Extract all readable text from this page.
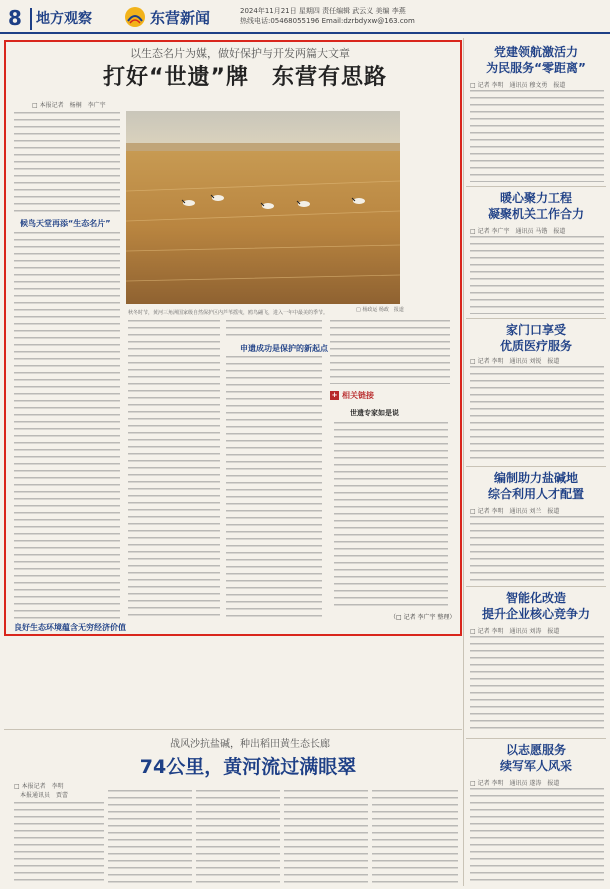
8 地方观察	东营新闻	2024年11月21日 星期四 责任编辑 武云义 美编 李燕
热线电话:05468055196 Email:dzrbdyxw@163.com
以生态名片为媒，做好保护与开发两篇大文章
打好“世遗”牌　东营有思路
□ 本报记者　杨桐　李广宇
候鸟天堂再添“生态名片”
□ 杨政运 杨政　报道
秋冬时节，黄河三角洲国家级自然保护区内芦苇摇曳，鸥鸟翩飞，进入一年中最美的季节。
申遗成功是保护的新起点
良好生态环境蕴含无穷经济价值
+ 相关链接
世遗专家如是说
（□ 记者 李广宇 整理）
战风沙抗盐碱，种出稻田黄生态长廊
74公里，黄河流过满眼翠
□ 本报记者　李明
　本报通讯员　贾蕾
党建领航激活力
为民服务“零距离”
□ 记者 李明　通讯员 穆文勇　报道
暖心聚力工程
凝聚机关工作合力
□ 记者 李广宇　通讯员 马锴　报道
家门口享受
优质医疗服务
□ 记者 李明　通讯员 刘锐　报道
编制助力盐碱地
综合利用人才配置
□ 记者 李明　通讯员 刘兰　报道
智能化改造
提升企业核心竞争力
□ 记者 李明　通讯员 刘涛　报道
以志愿服务
续写军人风采
□ 记者 李明　通讯员 遂涛　报道
